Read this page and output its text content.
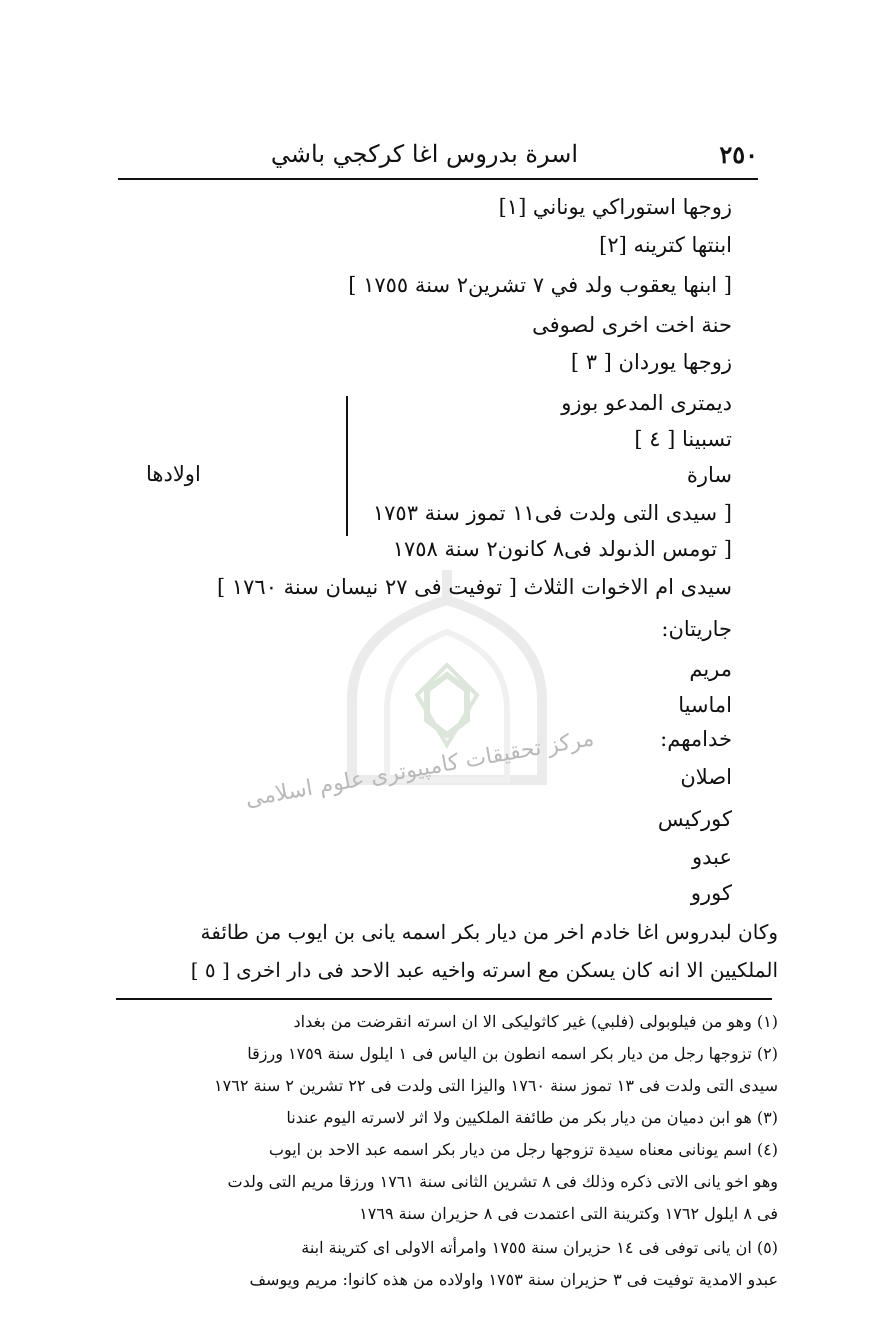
مرکز تحقیقات کامپیوتری علوم اسلامی
٢٥٠
اسرة بدروس اغا كركجي باشي
زوجها استوراكي يوناني [١]
ابنتها كترينه [٢]
[ ابنها يعقوب ولد في ٧ تشرين٢ سنة ١٧٥٥ ]
حنة اخت اخرى لصوفى
زوجها يوردان [ ٣ ]
ديمترى المدعو بوزو
تسبينا [ ٤ ]
سارة
[ سيدى التى ولدت فى١١ تموز سنة ١٧٥٣
[ تومس الذىولد فى٨ كانون٢ سنة ١٧٥٨
سيدى ام الاخوات الثلاث [ توفيت فى ٢٧ نيسان سنة ١٧٦٠ ]
جاريتان:
مريم
اماسيا
خدامهم:
اصلان
كوركيس
عبدو
كورو
اولادها
وكان لبدروس اغا خادم اخر من ديار بكر اسمه يانى بن ايوب من طائفة
الملكيين الا انه كان يسكن مع اسرته واخيه عبد الاحد فى دار اخرى [ ٥ ]
(١) وهو من فيلوبولى (فلبي) غير كاثوليكى الا ان اسرته انقرضت من بغداد
(٢) تزوجها رجل من ديار بكر اسمه انطون بن الياس فى ١ ايلول سنة ١٧٥٩ ورزقا
سيدى التى ولدت فى ١٣ تموز سنة ١٧٦٠ واليزا التى ولدت فى ٢٢ تشرين ٢ سنة ١٧٦٢
(٣) هو ابن دميان من ديار بكر من طائفة الملكيين ولا اثر لاسرته اليوم عندنا
(٤) اسم يونانى معناه سيدة تزوجها رجل من ديار بكر اسمه عبد الاحد بن ايوب
وهو اخو يانى الاتى ذكره وذلك فى ٨ تشرين الثانى سنة ١٧٦١ ورزقا مريم التى ولدت
فى ٨ ايلول ١٧٦٢ وكترينة التى اعتمدت فى ٨ حزيران سنة ١٧٦٩
(٥) ان يانى توفى فى ١٤ حزيران سنة ١٧٥٥ وامرأته الاولى اى كترينة ابنة
عبدو الامدية توفيت فى ٣ حزيران سنة ١٧٥٣ واولاده من هذه كانوا: مريم ويوسف
